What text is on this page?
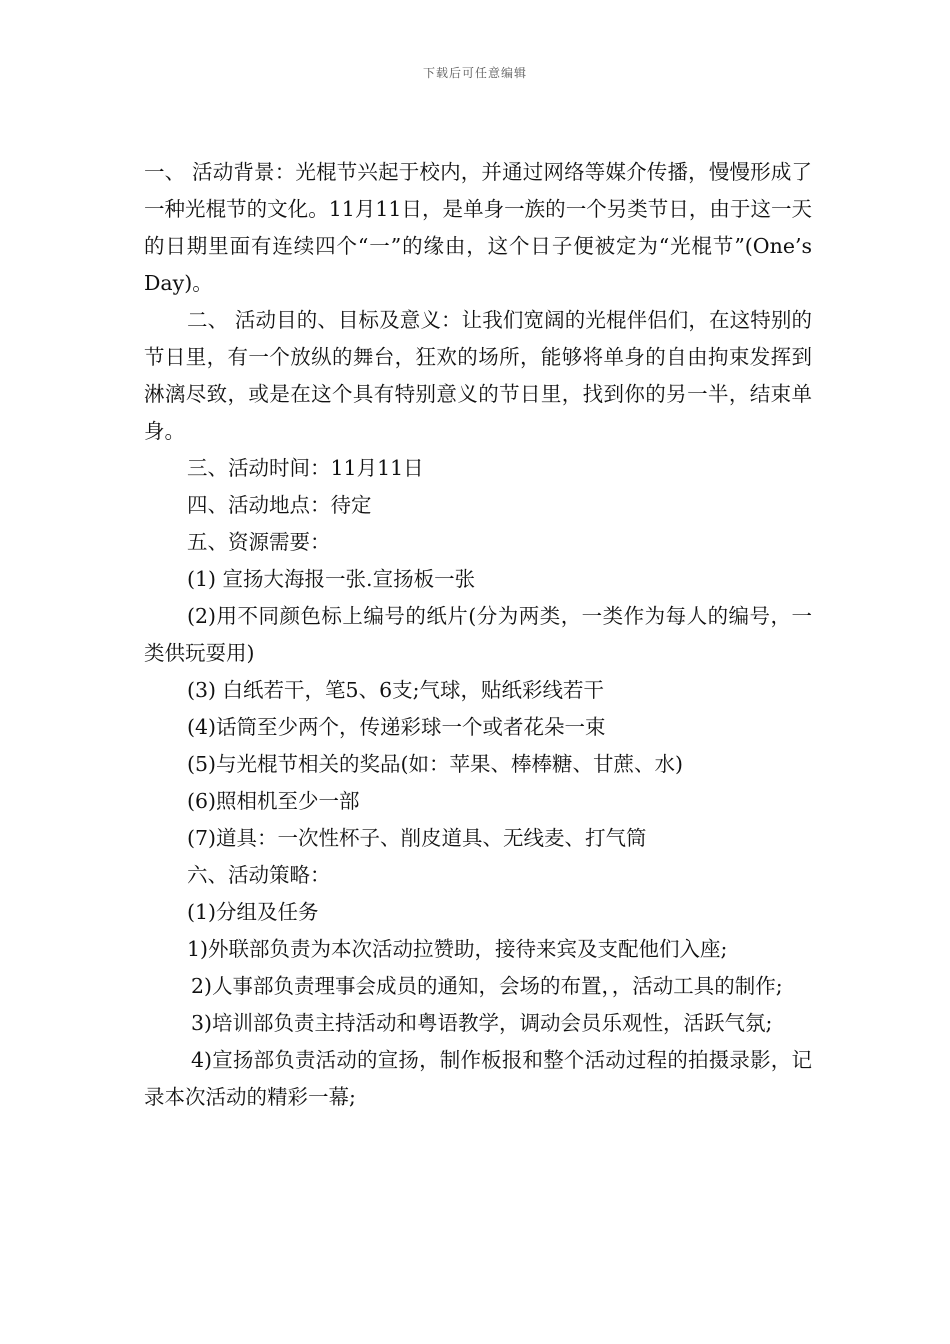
下载后可任意编辑

一、 活动背景：光棍节兴起于校内，并通过网络等媒介传播，慢慢形成了一种光棍节的文化。11月11日，是单身一族的一个另类节日，由于这一天的日期里面有连续四个“一”的缘由，这个日子便被定为“光棍节”(One’s Day)。

二、 活动目的、目标及意义：让我们宽阔的光棍伴侣们，在这特别的节日里，有一个放纵的舞台，狂欢的场所，能够将单身的自由拘束发挥到淋漓尽致，或是在这个具有特别意义的节日里，找到你的另一半，结束单身。

三、活动时间：11月11日

四、活动地点：待定

五、资源需要：

(1) 宣扬大海报一张.宣扬板一张

(2)用不同颜色标上编号的纸片(分为两类，一类作为每人的编号，一类供玩耍用)

(3) 白纸若干，笔5、6支;气球，贴纸彩线若干

(4)话筒至少两个，传递彩球一个或者花朵一束

(5)与光棍节相关的奖品(如：苹果、棒棒糖、甘蔗、水)

(6)照相机至少一部

(7)道具：一次性杯子、削皮道具、无线麦、打气筒

六、活动策略：

(1)分组及任务

1)外联部负责为本次活动拉赞助，接待来宾及支配他们入座;

2)人事部负责理事会成员的通知，会场的布置，，活动工具的制作;

3)培训部负责主持活动和粤语教学，调动会员乐观性，活跃气氛;

4)宣扬部负责活动的宣扬，制作板报和整个活动过程的拍摄录影，记录本次活动的精彩一幕;
